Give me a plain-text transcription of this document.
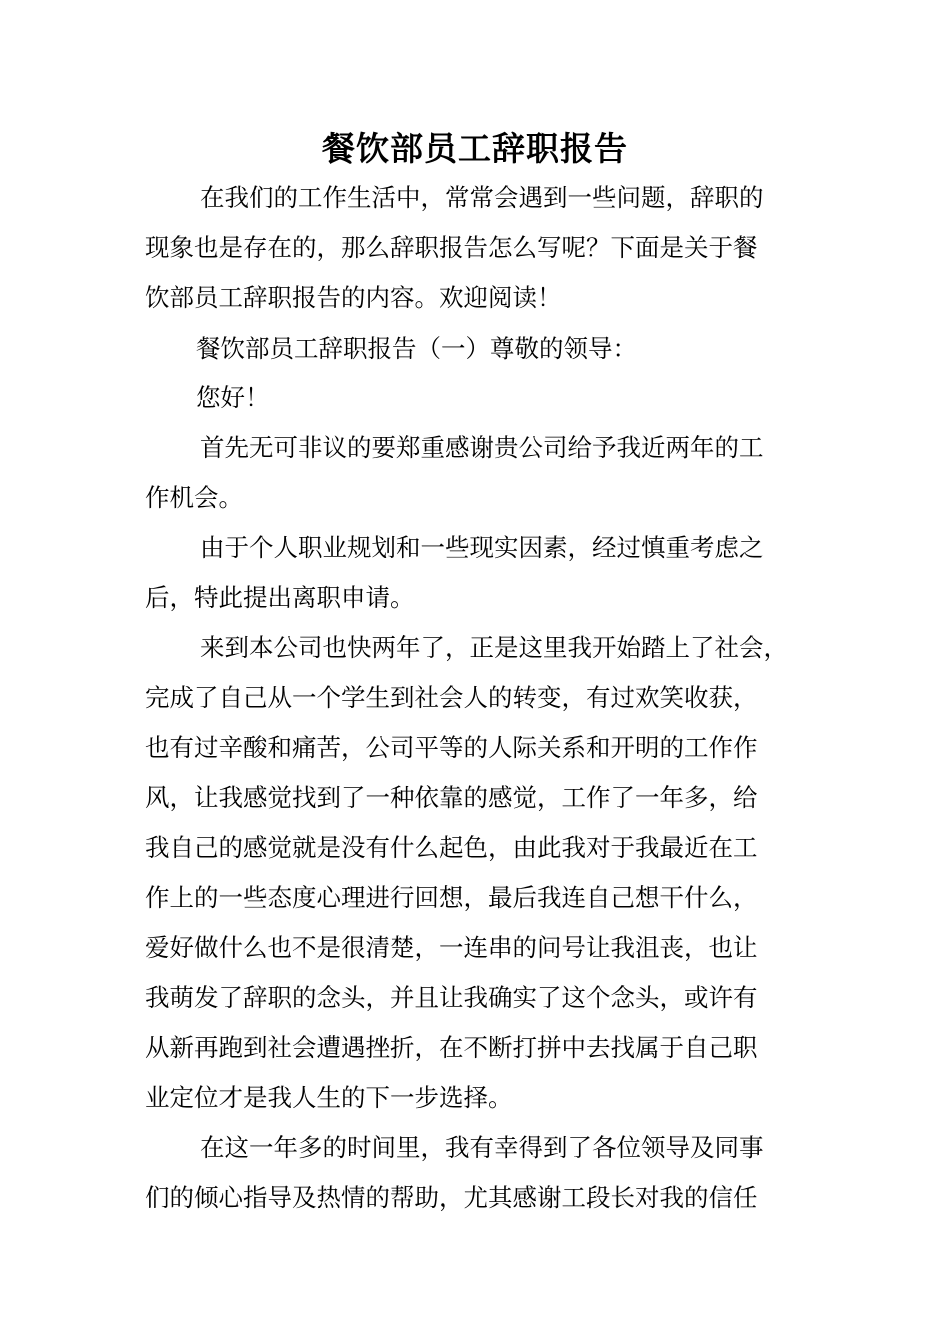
餐饮部员工辞职报告
在我们的工作生活中，常常会遇到一些问题，辞职的
现象也是存在的，那么辞职报告怎么写呢？下面是关于餐
饮部员工辞职报告的内容。欢迎阅读！
餐饮部员工辞职报告（一）尊敬的领导：
您好！
首先无可非议的要郑重感谢贵公司给予我近两年的工
作机会。
由于个人职业规划和一些现实因素，经过慎重考虑之
后，特此提出离职申请。
来到本公司也快两年了，正是这里我开始踏上了社会，
完成了自己从一个学生到社会人的转变，有过欢笑收获，
也有过辛酸和痛苦，公司平等的人际关系和开明的工作作
风，让我感觉找到了一种依靠的感觉，工作了一年多，给
我自己的感觉就是没有什么起色，由此我对于我最近在工
作上的一些态度心理进行回想，最后我连自己想干什么，
爱好做什么也不是很清楚，一连串的问号让我沮丧，也让
我萌发了辞职的念头，并且让我确实了这个念头，或许有
从新再跑到社会遭遇挫折，在不断打拼中去找属于自己职
业定位才是我人生的下一步选择。
在这一年多的时间里，我有幸得到了各位领导及同事
们的倾心指导及热情的帮助，尤其感谢工段长对我的信任
